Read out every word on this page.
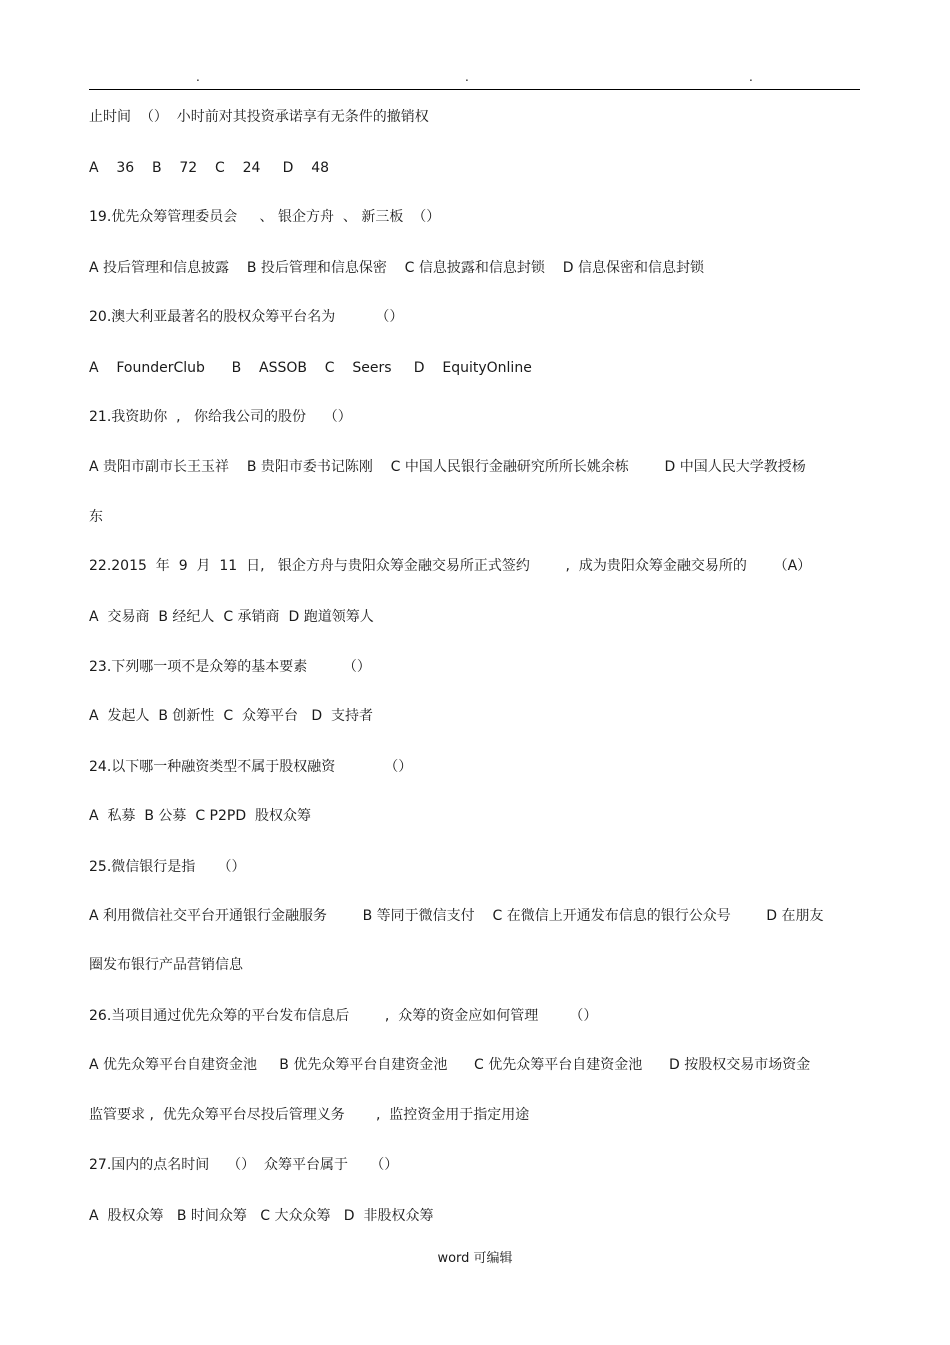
.	.	.
止时间  （）  小时前对其投资承诺享有无条件的撤销权
A    36    B    72    C    24     D    48
19.优先众筹管理委员会     、 银企方舟  、 新三板  （）
A 投后管理和信息披露    B 投后管理和信息保密    C 信息披露和信息封锁    D 信息保密和信息封锁
20.澳大利亚最著名的股权众筹平台名为         （）
A    FounderClub      B    ASSOB    C    Seers     D    EquityOnline
21.我资助你  ,   你给我公司的股份    （）
A 贵阳市副市长王玉祥    B 贵阳市委书记陈刚    C 中国人民银行金融研究所所长姚余栋        D 中国人民大学教授杨
东
22.2015  年  9  月  11  日,   银企方舟与贵阳众筹金融交易所正式签约        ,  成为贵阳众筹金融交易所的      （A）
A  交易商  B 经纪人  C 承销商  D 跑道领筹人
23.下列哪一项不是众筹的基本要素        （）
A  发起人  B 创新性  C  众筹平台   D  支持者
24.以下哪一种融资类型不属于股权融资           （）
A  私募  B 公募  C P2PD  股权众筹
25.微信银行是指     （）
A 利用微信社交平台开通银行金融服务        B 等同于微信支付    C 在微信上开通发布信息的银行公众号        D 在朋友
圈发布银行产品营销信息
26.当项目通过优先众筹的平台发布信息后        ,  众筹的资金应如何管理       （）
A 优先众筹平台自建资金池     B 优先众筹平台自建资金池      C 优先众筹平台自建资金池      D 按股权交易市场资金
监管要求 ,  优先众筹平台尽投后管理义务       ,  监控资金用于指定用途
27.国内的点名时间    （）  众筹平台属于     （）
A  股权众筹   B 时间众筹   C 大众众筹   D  非股权众筹
word 可编辑
